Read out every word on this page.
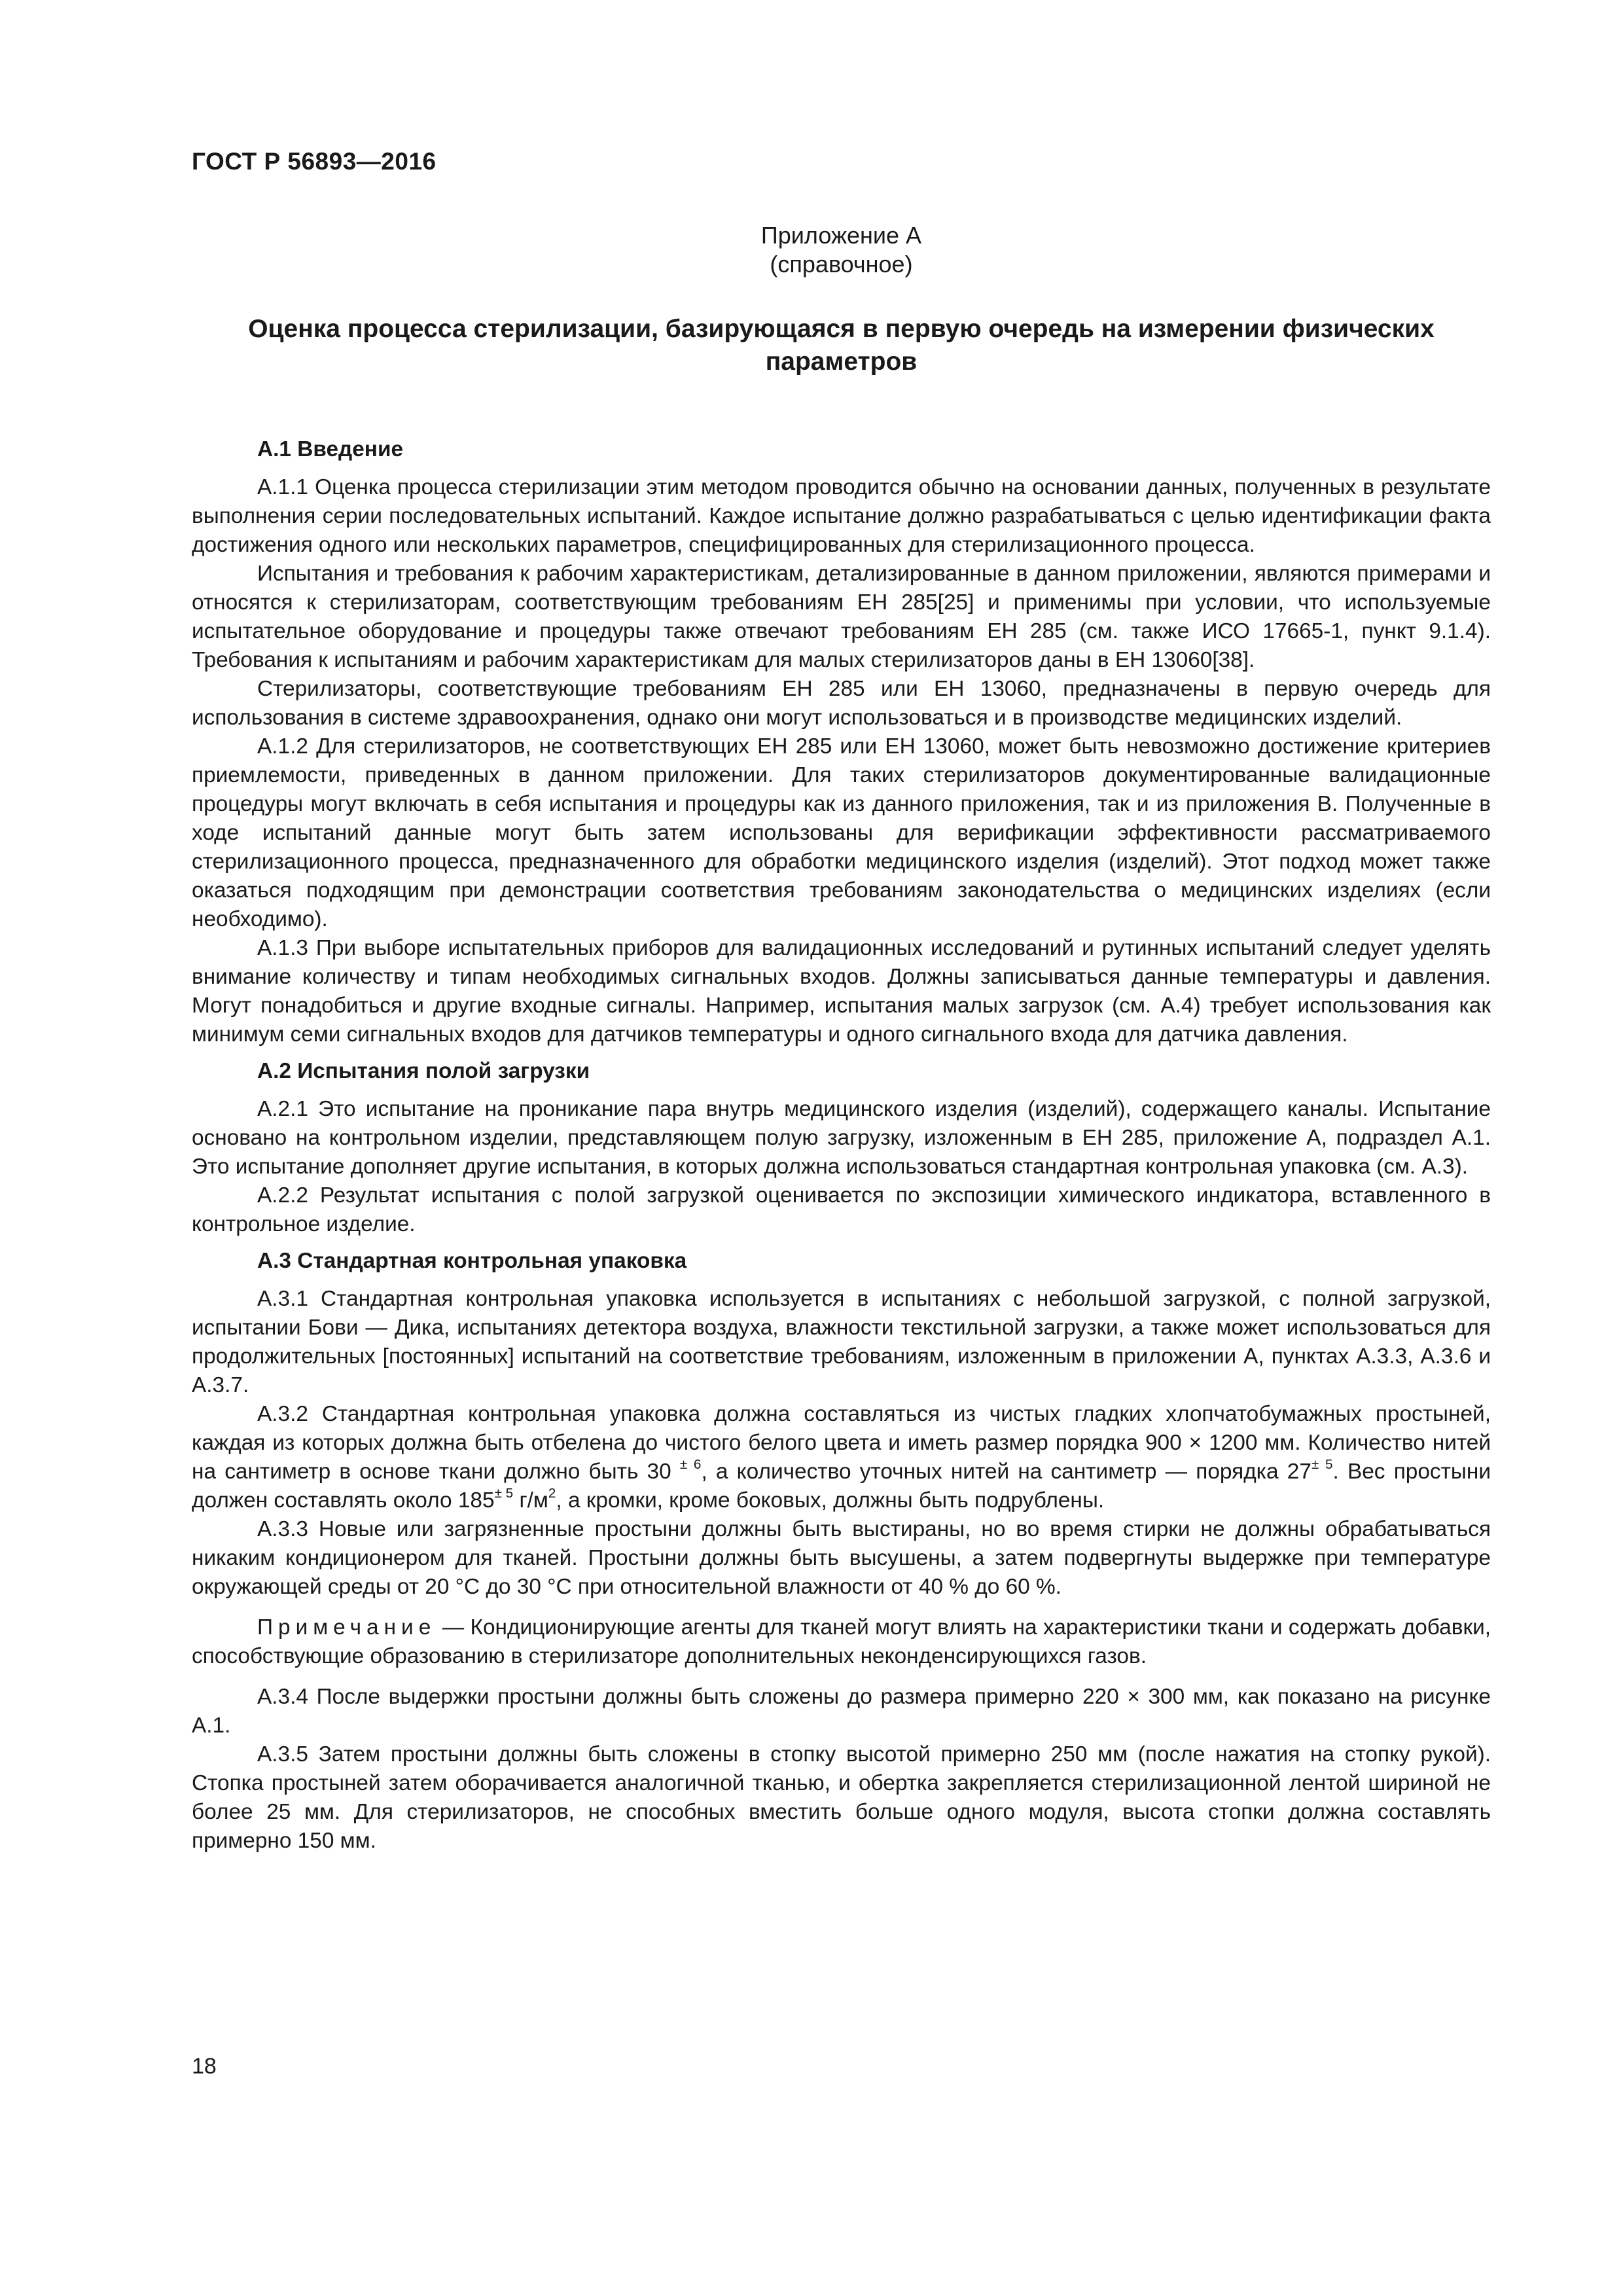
ГОСТ Р 56893—2016
Приложение А
(справочное)
Оценка процесса стерилизации, базирующаяся в первую очередь на измерении физических параметров
А.1 Введение

А.1.1 Оценка процесса стерилизации этим методом проводится обычно на основании данных, полученных в результате выполнения серии последовательных испытаний. Каждое испытание должно разрабатываться с целью идентификации факта достижения одного или нескольких параметров, специфицированных для стерилизационного процесса.

Испытания и требования к рабочим характеристикам, детализированные в данном приложении, являются примерами и относятся к стерилизаторам, соответствующим требованиям ЕН 285[25] и применимы при условии, что используемые испытательное оборудование и процедуры также отвечают требованиям ЕН 285 (см. также ИСО 17665-1, пункт 9.1.4). Требования к испытаниям и рабочим характеристикам для малых стерилизаторов даны в ЕН 13060[38].

Стерилизаторы, соответствующие требованиям ЕН 285 или ЕН 13060, предназначены в первую очередь для использования в системе здравоохранения, однако они могут использоваться и в производстве медицинских изделий.

А.1.2 Для стерилизаторов, не соответствующих ЕН 285 или ЕН 13060, может быть невозможно достижение критериев приемлемости, приведенных в данном приложении. Для таких стерилизаторов документированные валидационные процедуры могут включать в себя испытания и процедуры как из данного приложения, так и из приложения В. Полученные в ходе испытаний данные могут быть затем использованы для верификации эффективности рассматриваемого стерилизационного процесса, предназначенного для обработки медицинского изделия (изделий). Этот подход может также оказаться подходящим при демонстрации соответствия требованиям законодательства о медицинских изделиях (если необходимо).

А.1.3 При выборе испытательных приборов для валидационных исследований и рутинных испытаний следует уделять внимание количеству и типам необходимых сигнальных входов. Должны записываться данные температуры и давления. Могут понадобиться и другие входные сигналы. Например, испытания малых загрузок (см. А.4) требует использования как минимум семи сигнальных входов для датчиков температуры и одного сигнального входа для датчика давления.

А.2 Испытания полой загрузки

А.2.1 Это испытание на проникание пара внутрь медицинского изделия (изделий), содержащего каналы. Испытание основано на контрольном изделии, представляющем полую загрузку, изложенным в ЕН 285, приложение А, подраздел А.1. Это испытание дополняет другие испытания, в которых должна использоваться стандартная контрольная упаковка (см. А.3).

А.2.2 Результат испытания с полой загрузкой оценивается по экспозиции химического индикатора, вставленного в контрольное изделие.

А.3 Стандартная контрольная упаковка

А.3.1 Стандартная контрольная упаковка используется в испытаниях с небольшой загрузкой, с полной загрузкой, испытании Бови — Дика, испытаниях детектора воздуха, влажности текстильной загрузки, а также может использоваться для продолжительных [постоянных] испытаний на соответствие требованиям, изложенным в приложении А, пунктах А.3.3, А.3.6 и А.3.7.

А.3.2 Стандартная контрольная упаковка должна составляться из чистых гладких хлопчатобумажных простыней, каждая из которых должна быть отбелена до чистого белого цвета и иметь размер порядка 900 × 1200 мм. Количество нитей на сантиметр в основе ткани должно быть 30 $^{\pm 6}$, а количество уточных нитей на сантиметр — порядка $27^{\pm 5}$. Вес простыни должен составлять около $185^{\pm 5}$ $г/м^2$, а кромки, кроме боковых, должны быть подрублены.

А.3.3 Новые или загрязненные простыни должны быть выстираны, но во время стирки не должны обрабатываться никаким кондиционером для тканей. Простыни должны быть высушены, а затем подвергнуты выдержке при температуре окружающей среды от 20 °С до 30 °С при относительной влажности от 40 % до 60 %.

Примечание — Кондиционирующие агенты для тканей могут влиять на характеристики ткани и содержать добавки, способствующие образованию в стерилизаторе дополнительных неконденсирующихся газов.

А.3.4 После выдержки простыни должны быть сложены до размера примерно 220 × 300 мм, как показано на рисунке А.1.

А.3.5 Затем простыни должны быть сложены в стопку высотой примерно 250 мм (после нажатия на стопку рукой). Стопка простыней затем оборачивается аналогичной тканью, и обертка закрепляется стерилизационной лентой шириной не более 25 мм. Для стерилизаторов, не способных вместить больше одного модуля, высота стопки должна составлять примерно 150 мм.

18
